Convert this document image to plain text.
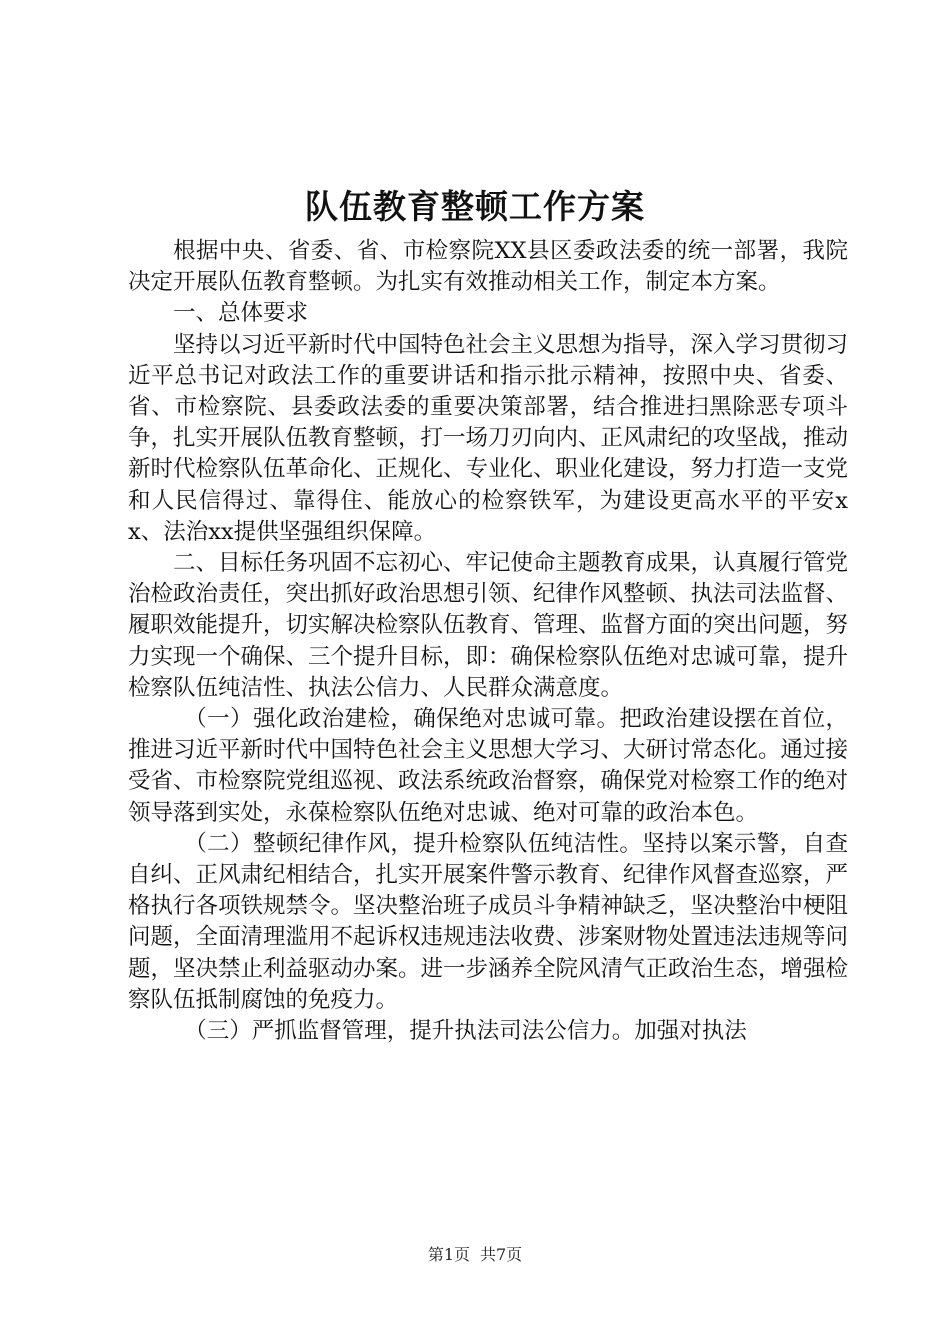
队伍教育整顿工作方案

根据中央、省委、省、市检察院XX县区委政法委的统一部署，我院决定开展队伍教育整顿。为扎实有效推动相关工作，制定本方案。

一、总体要求

坚持以习近平新时代中国特色社会主义思想为指导，深入学习贯彻习近平总书记对政法工作的重要讲话和指示批示精神，按照中央、省委、省、市检察院、县委政法委的重要决策部署，结合推进扫黑除恶专项斗争，扎实开展队伍教育整顿，打一场刀刃向内、正风肃纪的攻坚战，推动新时代检察队伍革命化、正规化、专业化、职业化建设，努力打造一支党和人民信得过、靠得住、能放心的检察铁军，为建设更高水平的平安xx、法治xx提供坚强组织保障。

二、目标任务巩固不忘初心、牢记使命主题教育成果，认真履行管党治检政治责任，突出抓好政治思想引领、纪律作风整顿、执法司法监督、履职效能提升，切实解决检察队伍教育、管理、监督方面的突出问题，努力实现一个确保、三个提升目标，即：确保检察队伍绝对忠诚可靠，提升检察队伍纯洁性、执法公信力、人民群众满意度。

（一）强化政治建检，确保绝对忠诚可靠。把政治建设摆在首位，推进习近平新时代中国特色社会主义思想大学习、大研讨常态化。通过接受省、市检察院党组巡视、政法系统政治督察，确保党对检察工作的绝对领导落到实处，永葆检察队伍绝对忠诚、绝对可靠的政治本色。

（二）整顿纪律作风，提升检察队伍纯洁性。坚持以案示警，自查自纠、正风肃纪相结合，扎实开展案件警示教育、纪律作风督查巡察，严格执行各项铁规禁令。坚决整治班子成员斗争精神缺乏，坚决整治中梗阻问题，全面清理滥用不起诉权违规违法收费、涉案财物处置违法违规等问题，坚决禁止利益驱动办案。进一步涵养全院风清气正政治生态，增强检察队伍抵制腐蚀的免疫力。

（三）严抓监督管理，提升执法司法公信力。加强对执法

第1页 共7页
